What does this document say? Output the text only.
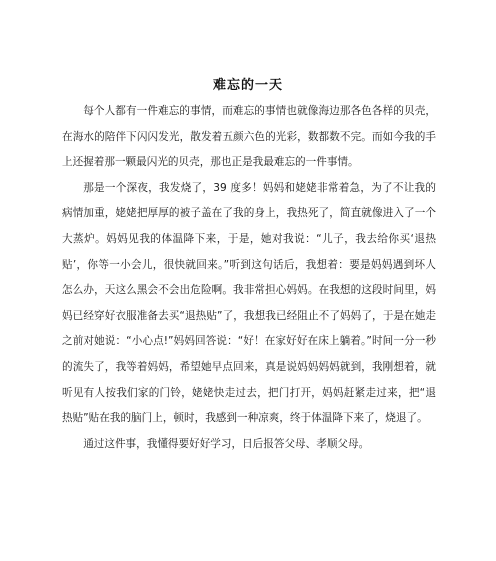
难忘的一天

每个人都有一件难忘的事情，而难忘的事情也就像海边那各色各样的贝壳，在海水的陪伴下闪闪发光，散发着五颜六色的光彩，数都数不完。而如今我的手上还握着那一颗最闪光的贝壳，那也正是我最难忘的一件事情。

那是一个深夜，我发烧了，39 度多！妈妈和姥姥非常着急，为了不让我的病情加重，姥姥把厚厚的被子盖在了我的身上，我热死了，简直就像进入了一个大蒸炉。妈妈见我的体温降下来，于是，她对我说：“儿子，我去给你买‘退热贴’，你等一小会儿，很快就回来。”听到这句话后，我想着：要是妈妈遇到坏人怎么办，天这么黑会不会出危险啊。我非常担心妈妈。在我想的这段时间里，妈妈已经穿好衣服准备去买“退热贴”了，我想我已经阻止不了妈妈了，于是在她走之前对她说：“小心点!”妈妈回答说：“好！在家好好在床上躺着。”时间一分一秒的流失了，我等着妈妈，希望她早点回来，真是说妈妈妈妈就到，我刚想着，就听见有人按我们家的门铃，姥姥快走过去，把门打开，妈妈赶紧走过来，把“退热贴”贴在我的脑门上，顿时，我感到一种凉爽，终于体温降下来了，烧退了。

通过这件事，我懂得要好好学习，日后报答父母、孝顺父母。
